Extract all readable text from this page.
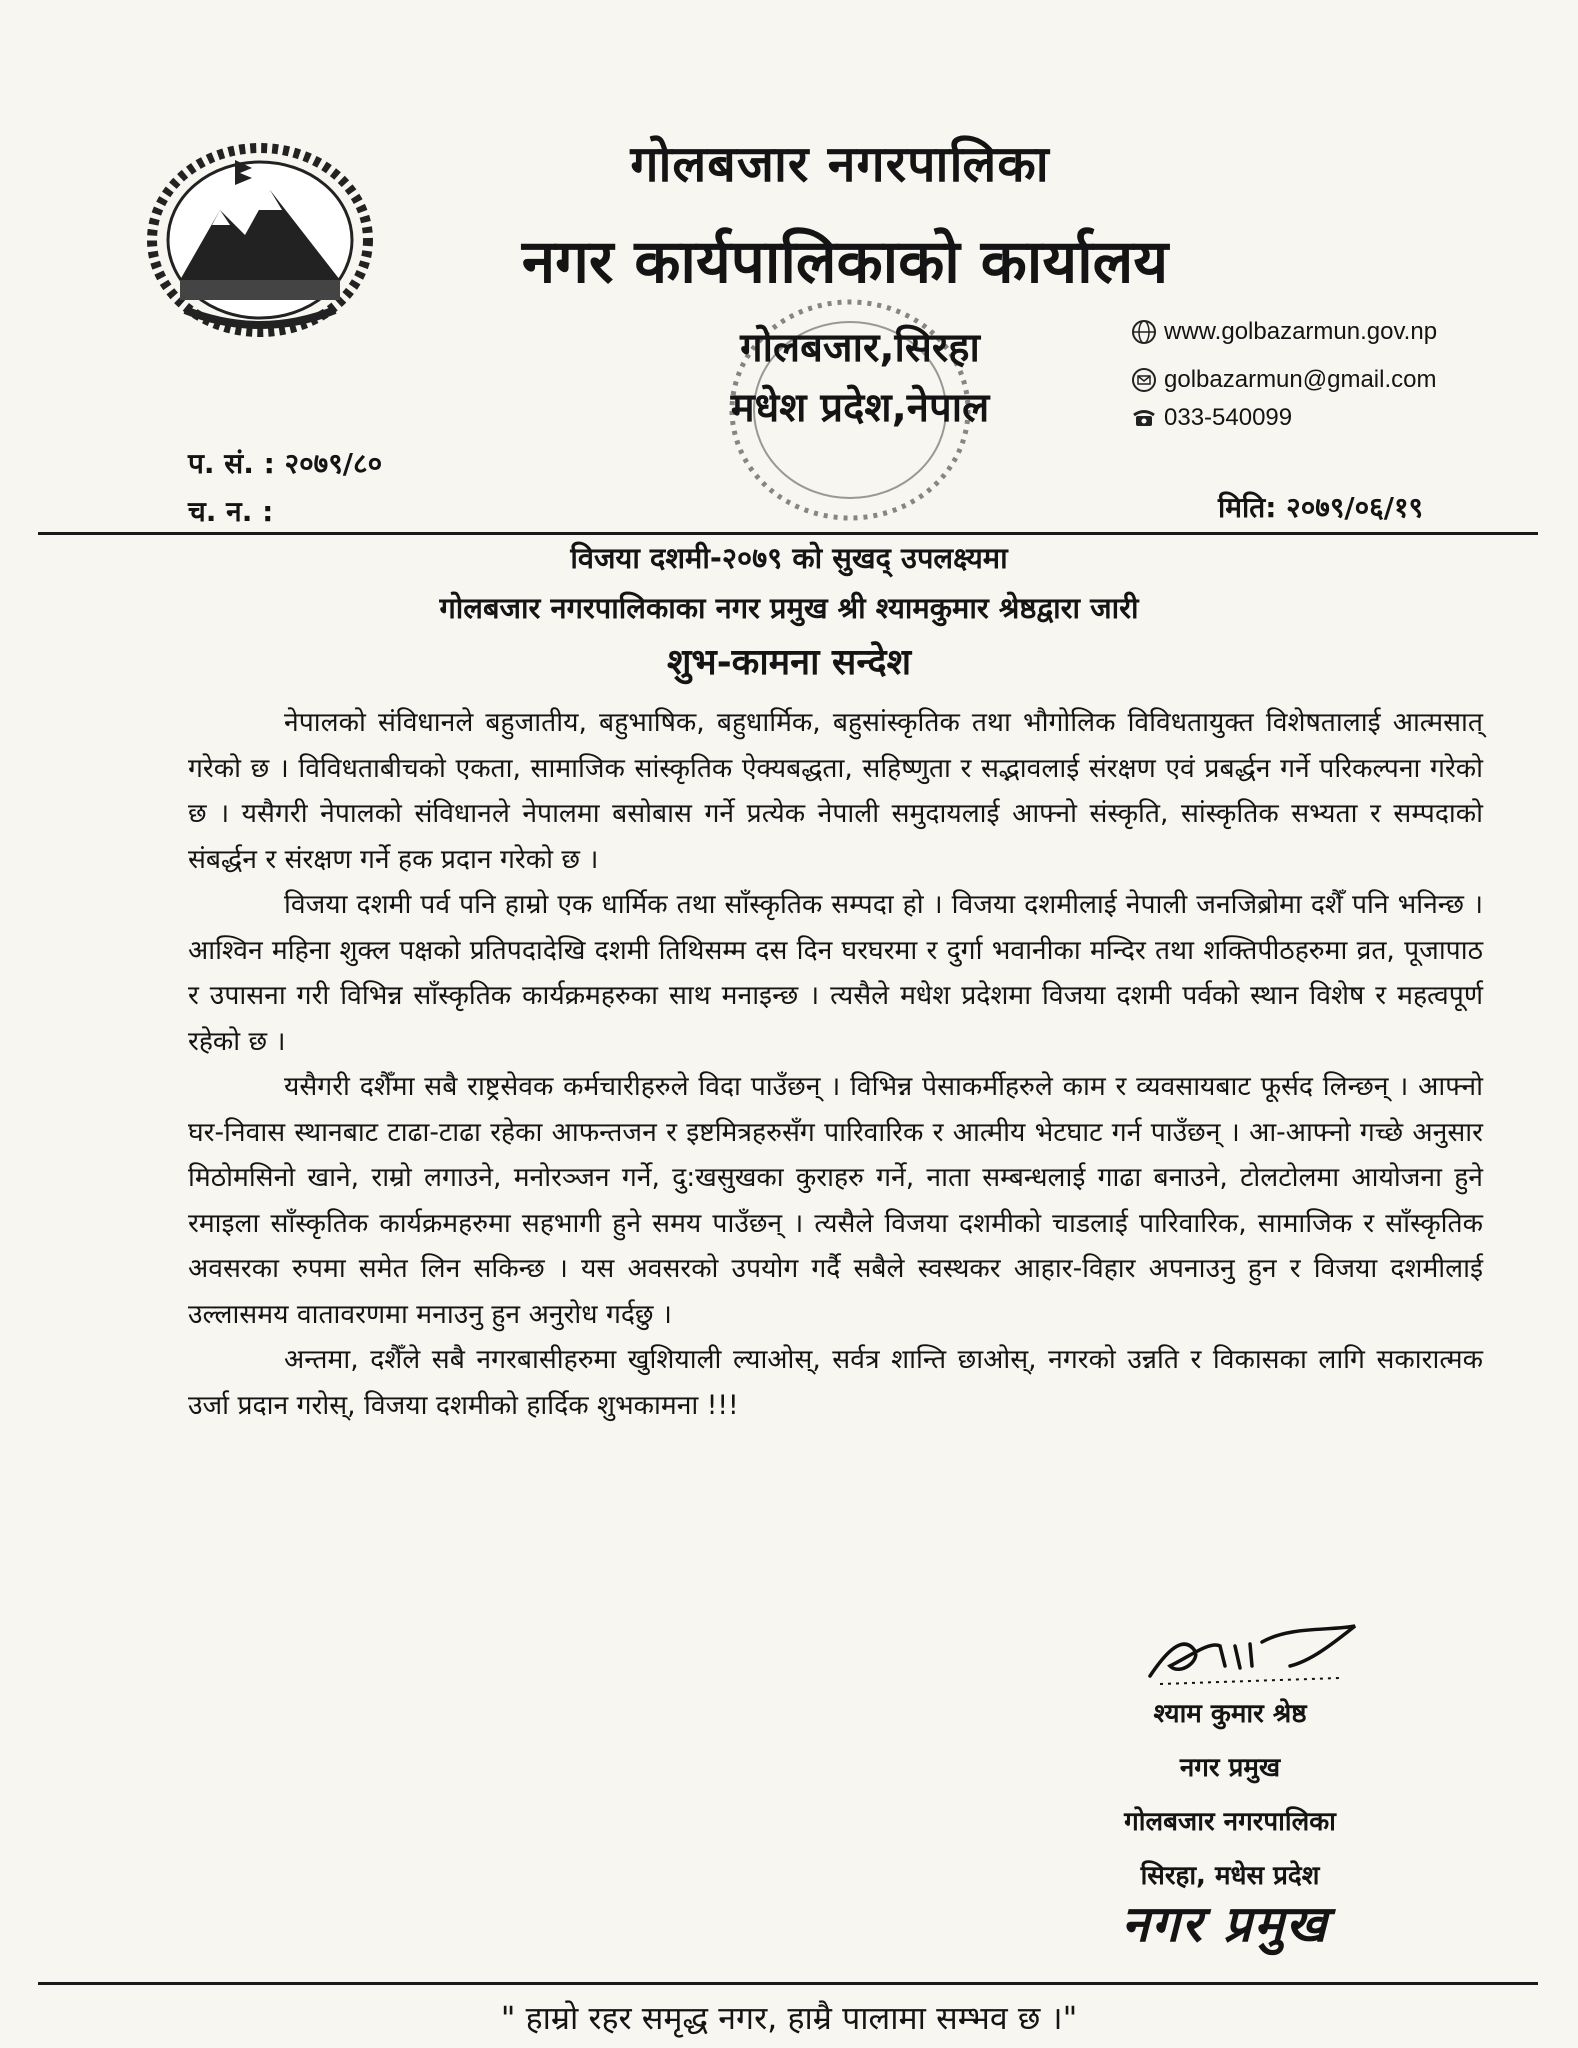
गोलबजार नगरपालिका
नगर कार्यपालिकाको कार्यालय
गोलबजार,सिरहा
मधेश प्रदेश,नेपाल
www.golbazarmun.gov.np
golbazarmun@gmail.com
033-540099
प. सं. : २०७९/८०
च. न. :	मिति: २०७९/०६/१९
विजया दशमी-२०७९ को सुखद् उपलक्ष्यमा
गोलबजार नगरपालिकाका नगर प्रमुख श्री श्यामकुमार श्रेष्ठद्वारा जारी
शुभ-कामना सन्देश

नेपालको संविधानले बहुजातीय, बहुभाषिक, बहुधार्मिक, बहुसांस्कृतिक तथा भौगोलिक विविधतायुक्त विशेषतालाई आत्मसात् गरेको छ । विविधताबीचको एकता, सामाजिक सांस्कृतिक ऐक्यबद्धता, सहिष्णुता र सद्भावलाई संरक्षण एवं प्रबर्द्धन गर्ने परिकल्पना गरेको छ । यसैगरी नेपालको संविधानले नेपालमा बसोबास गर्ने प्रत्येक नेपाली समुदायलाई आफ्नो संस्कृति, सांस्कृतिक सभ्यता र सम्पदाको संबर्द्धन र संरक्षण गर्ने हक प्रदान गरेको छ ।

विजया दशमी पर्व पनि हाम्रो एक धार्मिक तथा साँस्कृतिक सम्पदा हो । विजया दशमीलाई नेपाली जनजिब्रोमा दशैँ पनि भनिन्छ । आश्विन महिना शुक्ल पक्षको प्रतिपदादेखि दशमी तिथिसम्म दस दिन घरघरमा र दुर्गा भवानीका मन्दिर तथा शक्तिपीठहरुमा व्रत, पूजापाठ र उपासना गरी विभिन्न साँस्कृतिक कार्यक्रमहरुका साथ मनाइन्छ । त्यसैले मधेश प्रदेशमा विजया दशमी पर्वको स्थान विशेष र महत्वपूर्ण रहेको छ ।

यसैगरी दशैँमा सबै राष्ट्रसेवक कर्मचारीहरुले विदा पाउँछन् । विभिन्न पेसाकर्मीहरुले काम र व्यवसायबाट फूर्सद लिन्छन् । आफ्नो घर-निवास स्थानबाट टाढा-टाढा रहेका आफन्तजन र इष्टमित्रहरुसँग पारिवारिक र आत्मीय भेटघाट गर्न पाउँछन् । आ-आफ्नो गच्छे अनुसार मिठोमसिनो खाने, राम्रो लगाउने, मनोरञ्जन गर्ने, दु:खसुखका कुराहरु गर्ने, नाता सम्बन्धलाई गाढा बनाउने, टोलटोलमा आयोजना हुने रमाइला साँस्कृतिक कार्यक्रमहरुमा सहभागी हुने समय पाउँछन् । त्यसैले विजया दशमीको चाडलाई पारिवारिक, सामाजिक र साँस्कृतिक अवसरका रुपमा समेत लिन सकिन्छ । यस अवसरको उपयोग गर्दै सबैले स्वस्थकर आहार-विहार अपनाउनु हुन र विजया दशमीलाई उल्लासमय वातावरणमा मनाउनु हुन अनुरोध गर्दछु ।

अन्तमा, दशैँले सबै नगरबासीहरुमा खुशियाली ल्याओस्, सर्वत्र शान्ति छाओस्, नगरको उन्नति र विकासका लागि सकारात्मक उर्जा प्रदान गरोस्, विजया दशमीको हार्दिक शुभकामना !!!

श्याम कुमार श्रेष्ठ
नगर प्रमुख
गोलबजार नगरपालिका
सिरहा, मधेस प्रदेश
नगर प्रमुख
" हाम्रो रहर समृद्ध नगर, हाम्रै पालामा सम्भव छ ।"
